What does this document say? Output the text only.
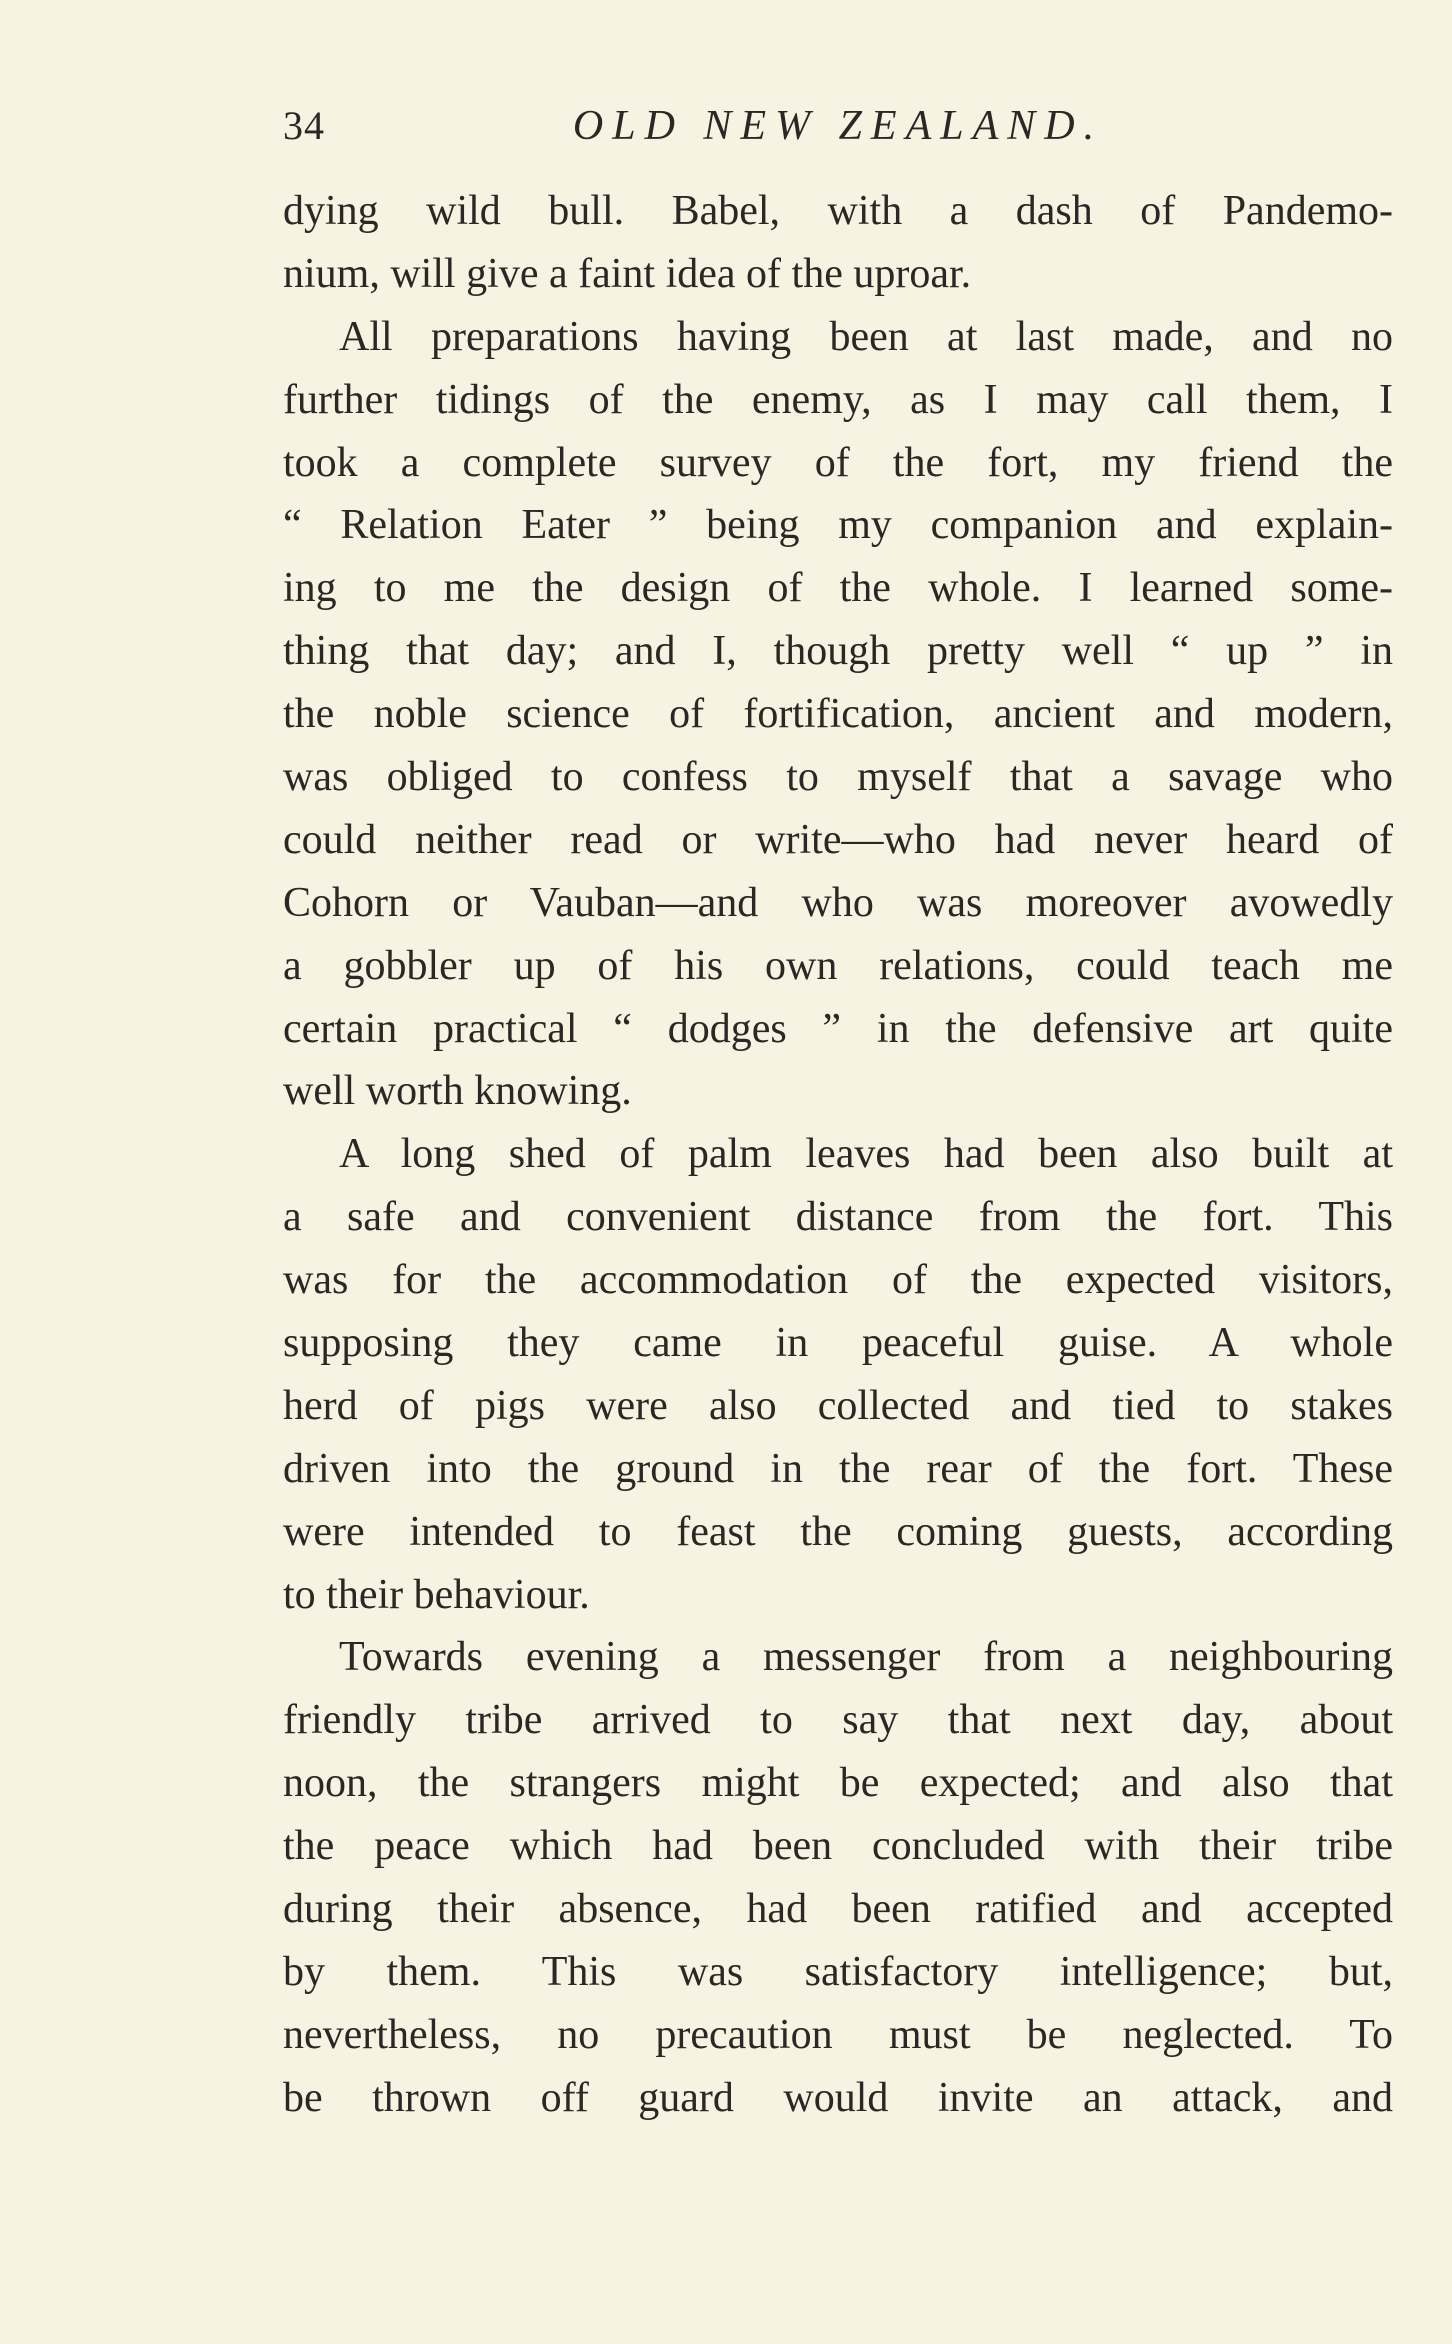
34	OLD NEW ZEALAND.
dying wild bull. Babel, with a dash of Pandemo-
nium, will give a faint idea of the uproar.
All preparations having been at last made, and no
further tidings of the enemy, as I may call them, I
took a complete survey of the fort, my friend the
“ Relation Eater ” being my companion and explain-
ing to me the design of the whole. I learned some-
thing that day; and I, though pretty well “ up ” in
the noble science of fortification, ancient and modern,
was obliged to confess to myself that a savage who
could neither read or write—who had never heard of
Cohorn or Vauban—and who was moreover avowedly
a gobbler up of his own relations, could teach me
certain practical “ dodges ” in the defensive art quite
well worth knowing.
A long shed of palm leaves had been also built at
a safe and convenient distance from the fort. This
was for the accommodation of the expected visitors,
supposing they came in peaceful guise. A whole
herd of pigs were also collected and tied to stakes
driven into the ground in the rear of the fort. These
were intended to feast the coming guests, according
to their behaviour.
Towards evening a messenger from a neighbouring
friendly tribe arrived to say that next day, about
noon, the strangers might be expected; and also that
the peace which had been concluded with their tribe
during their absence, had been ratified and accepted
by them. This was satisfactory intelligence; but,
nevertheless, no precaution must be neglected. To
be thrown off guard would invite an attack, and
